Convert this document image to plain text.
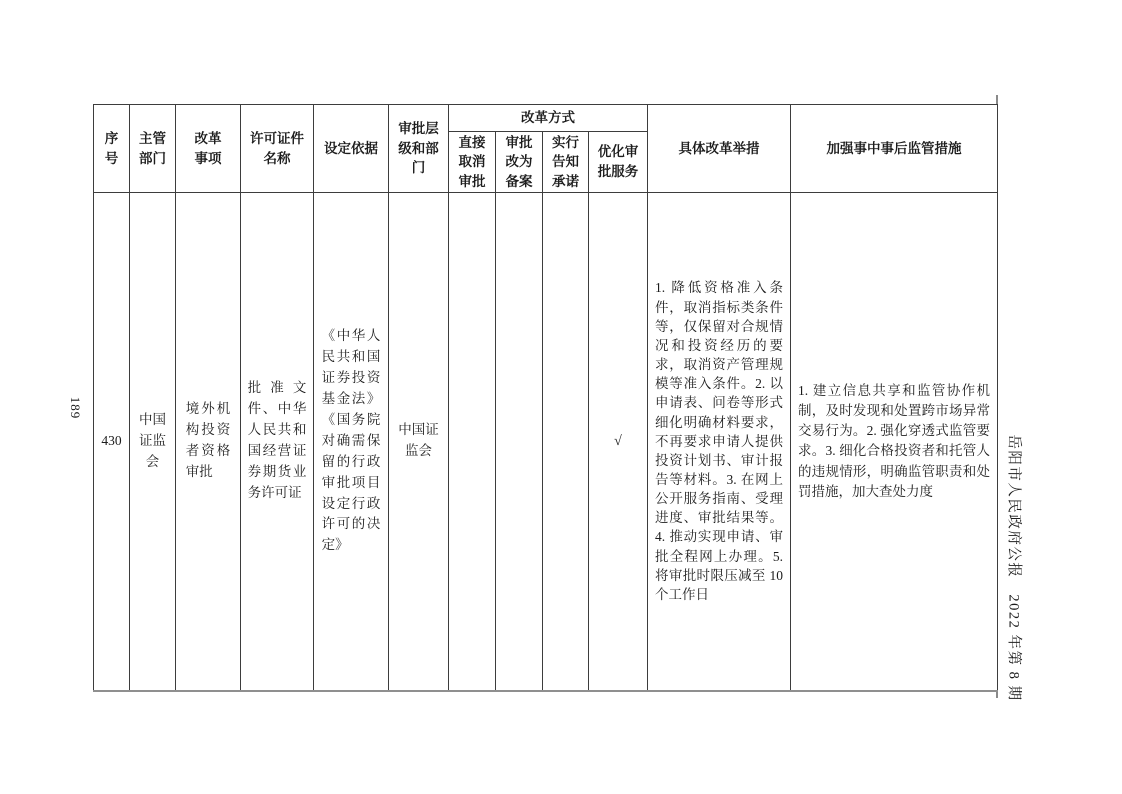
189
岳阳市人民政府公报　2022 年第 8 期
序号	主管部门	改革事项	许可证件名称	设定依据	审批层级和部门	改革方式				具体改革举措	加强事中事后监管措施
						直接取消审批	审批改为备案	实行告知承诺	优化审批服务		
430	中国证监会	境外机构投资者资格审批	批准文件、中华人民共和国经营证券期货业务许可证	《中华人民共和国证券投资基金法》《国务院对确需保留的行政审批项目设定行政许可的决定》	中国证监会				√	1. 降低资格准入条件，取消指标类条件等，仅保留对合规情况和投资经历的要求，取消资产管理规模等准入条件。2. 以申请表、问卷等形式细化明确材料要求，不再要求申请人提供投资计划书、审计报告等材料。3. 在网上公开服务指南、受理进度、审批结果等。4. 推动实现申请、审批全程网上办理。5. 将审批时限压减至 10 个工作日	1. 建立信息共享和监管协作机制，及时发现和处置跨市场异常交易行为。2. 强化穿透式监管要求。3. 细化合格投资者和托管人的违规情形，明确监管职责和处罚措施，加大查处力度
